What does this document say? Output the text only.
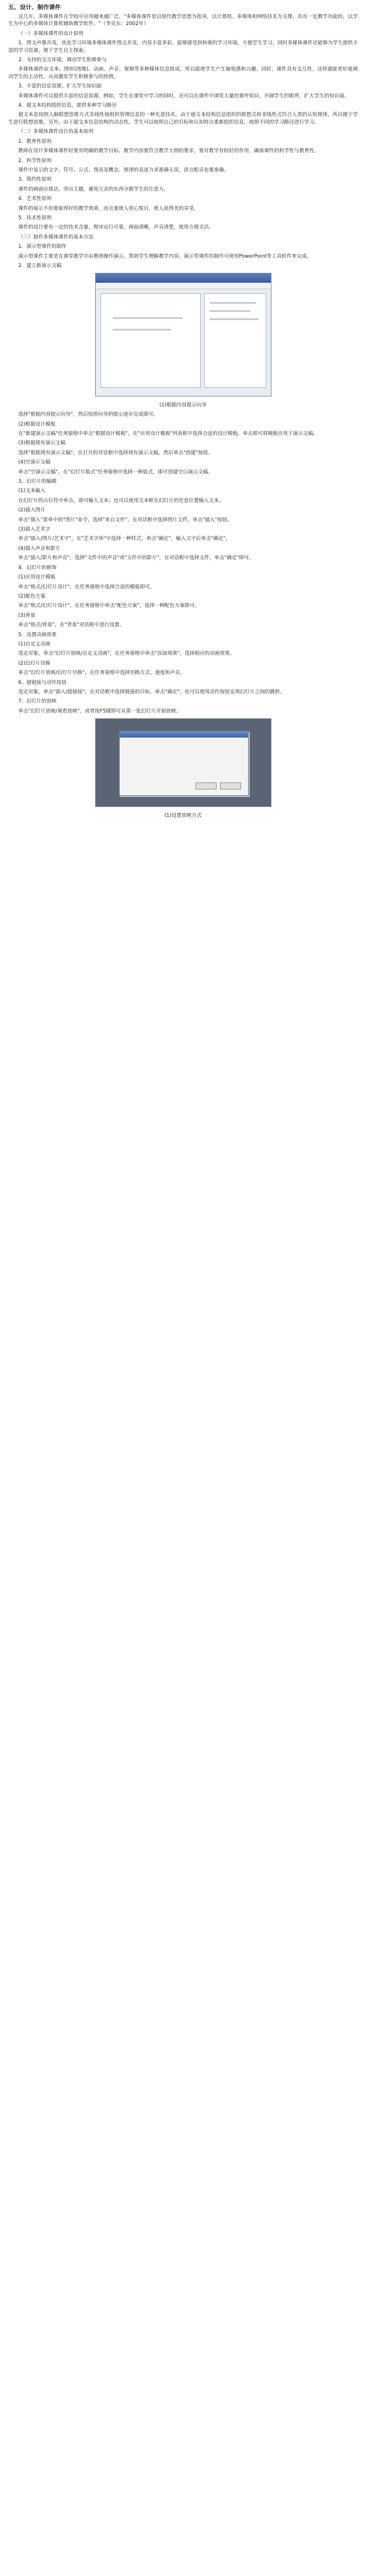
五、设计、制作课件
这几年，多媒体课件在学校中应用越来越广泛，"多媒体课件是以现代教学思想为指导，以计算机、多媒体和网络技术为支撑，具有一定教学功能的，以学生为中心的多媒体计算机辅助教学软件。"（李克东：2002年）
（一）多媒体课件的设计原则
1．图文声像并茂，优化学习环境多媒体课件图文并茂，内容丰富多彩，能够感受到和谐的学习环境，方便学生学习，同时多媒体课件还能够为学生提供丰富的学习资源，便于学生自主探索。
2．支持的交互环境，调动学生积极参与
多媒体课件由文本、图形(图像)、动画、声音、视频等多种媒体信息组成，所以能使学生产生愉悦感和兴趣。同时，课件具有交互性，这样就能更好地调动学生的主动性，从而激发学生积极参与的热情。
3．丰富的信息资源，扩大学生知识面
多媒体课件可以提供丰富的信息资源，例如，学生在课堂中学习的同时，还可以在课件中浏览大量的课外知识，开阔学生的眼界，扩大学生的知识面。
4．超文本结构组织信息，提供多种学习路径
超文本是按照人脑联想思维方式非线性地组织管理信息的一种先进技术。由于超文本结构信息组织的联想式和非线性式符合人类的认知规律，所以便于学生进行联想思维。另外，由于超文本信息结构的动态性，学生可以按照自己的目标和认知特点重新组织信息，按照不同的学习路径进行学习。
（二）多媒体课件设计的基本原则
1．教育性原则
教师在设计多媒体课件时要有明确的教学目标，教学内容要符合教学大纲的要求，要对教学有较好的作用，确保课件的科学性与教育性。
2．科学性原则
课件中显示的文字、符号、公式、图表及概念、规律的表述力求准确无误，语言配音也要准确。
3．简约性原则
课件的画面应简洁，突出主题，避免冗余的东西分散学生的注意力。
4．艺术性原则
课件的展示不但要取得好的教学效果，而且要使人赏心悦目，使人获得美的享受。
5．技术性原则
课件的设计要有一定的技术含量，程序运行可靠，画面清晰，声音清楚，使用方便灵活。
（三）制作多媒体课件的基本方法
1．演示型课件的制作
演示型课件主要是在课堂教学中由教师操作演示，帮助学生理解教学内容。演示型课件的制作可使用PowerPoint等工具软件来完成。
2．建立新演示文稿
(1)根据内容提示向导
选择"根据内容提示向导"，然后按照向导的提示逐步完成即可。
(2)根据设计模板
在"新建演示文稿"任务窗格中单击"根据设计模板"，在"应用设计模板"列表框中选择合适的设计模板，单击即可将模板应用于演示文稿。
(3)根据现有演示文稿
选择"根据现有演示文稿"，在打开的对话框中选择现有演示文稿，然后单击"创建"按钮。
(4)空演示文稿
单击"空演示文稿"，在"幻灯片版式"任务窗格中选择一种版式，即可创建空白演示文稿。
3．幻灯片的编辑
(1)文本输入
在幻灯片的占位符中单击，即可输入文本；也可以使用文本框在幻灯片的任意位置输入文本。
(2)插入图片
单击"插入"菜单中的"图片"命令，选择"来自文件"，在对话框中选择图片文件，单击"插入"按钮。
(3)插入艺术字
单击"插入/图片/艺术字"，在"艺术字库"中选择一种样式，单击"确定"，输入文字后单击"确定"。
(4)插入声音和影片
单击"插入/影片和声音"，选择"文件中的声音"或"文件中的影片"，在对话框中选择文件，单击"确定"即可。
4．幻灯片的修饰
(1)应用设计模板
单击"格式/幻灯片设计"，在任务窗格中选择合适的模板即可。
(2)配色方案
单击"格式/幻灯片设计"，在任务窗格中单击"配色方案"，选择一种配色方案即可。
(3)背景
单击"格式/背景"，在"背景"对话框中进行设置。
5．设置动画效果
(1)自定义动画
选定对象，单击"幻灯片放映/自定义动画"，在任务窗格中单击"添加效果"，选择相应的动画效果。
(2)幻灯片切换
单击"幻灯片放映/幻灯片切换"，在任务窗格中选择切换方式、速度和声音。
6．超链接与动作按钮
选定对象，单击"插入/超链接"，在对话框中选择链接的目标，单击"确定"。也可以使用动作按钮实现幻灯片之间的跳转。
7．幻灯片的放映
单击"幻灯片放映/观看放映"，或者按F5键即可从第一张幻灯片开始放映。
(1)设置放映方式
